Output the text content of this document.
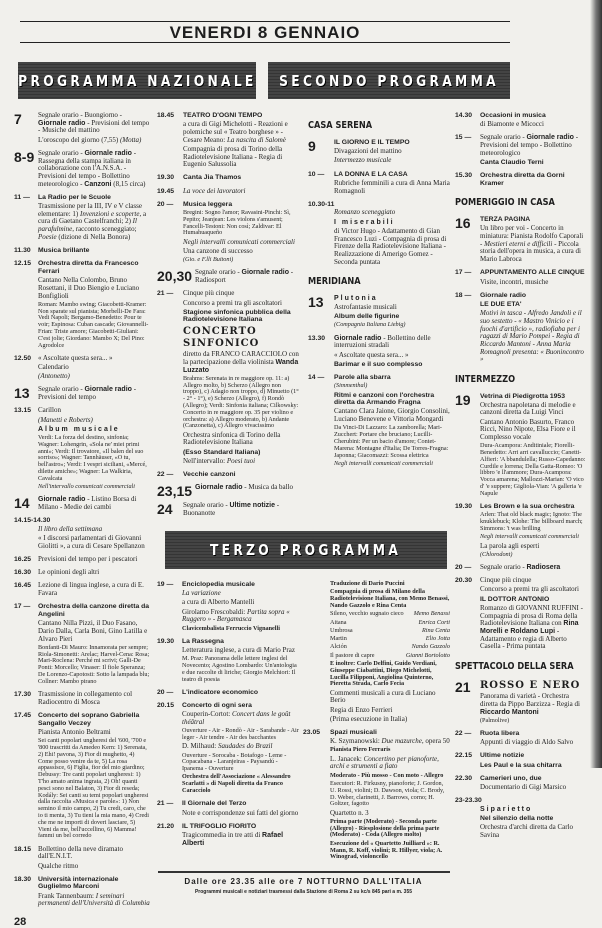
VENERDI 8 GENNAIO
PROGRAMMA NAZIONALE SECONDO PROGRAMMA
7	Segnale orario - Buongiorno - Giornale radio - Previsioni del tempo - Musiche del mattino
L'oroscopo del giorno (7,55) (Motta)
8-9 Segnale orario - Giornale radio - Rassegna della stampa italiana in collaborazione con l'A.N.S.A. - Previsioni del tempo - Bollettino meteorologico - Canzoni (8,15 circa)
11 —	La Radio per le Scuole
Trasmissione per la III, IV e V classe elementare: 1) Invenzioni e scoperte, a cura di Gaetano Castelfranchi; 2) Il parafulmine, racconto sceneggiato; Poesie (dizione di Nella Bonora)
11.30	Musica brillante
12.15	Orchestra diretta da Francesco Ferrari
Cantano Nella Colombo, Bruno Rosettani, il Duo Biengio e Luciano Bonfiglioli
Roman: Mambo swing; Giacobetti-Kramer: Non sparate sul pianista; Morbelli-De Fara: Vedi Napoli; Bergamo-Benedetto: Pour te voir; Espinosa: Cuban cascade; Giovannelli-Frian: Triste amore; Giacobetti-Giuliani: C'est jolie; Giordano: Mambo X; Del Pino: Agrodolce
12.50 « Ascoltate questa sera... »
Calendario
(Antonetto)
13	Segnale orario - Giornale radio - Previsioni del tempo
13.15 Carillon
(Manetti e Roberts)
Album musicale
Verdi: La forza del destino, sinfonia; Wagner: Lohengrin, «Sola ne' miei primi anni»; Verdi: Il trovatore, «Il balen del suo sorriso»; Wagner: Tannhäuser, «O tu, bell'astro»; Verdi: I vespri siciliani, «Mercé, dilette amiche»; Wagner: La Walkiria, Cavalcata
Nell'intervallo comunicati commerciali
14	Giornale radio - Listino Borsa di Milano - Medie dei cambi
14.15-14.30
Il libro della settimana
« I discorsi parlamentari di Giovanni Giolitti », a cura di Cesare Spellanzon
16.25 Previsioni del tempo per i pescatori
16.30 Le opinioni degli altri
16.45 Lezione di lingua inglese, a cura di E. Favara
17 —	Orchestra della canzone diretta da Angelini
Cantano Nilla Pizzi, il Duo Fasano, Dario Dalla, Carla Boni, Gino Latilla e Alvaro Pieri
Bonfanti-Di Mauro: Innamorata per sempre; Riola-Simonetti: Arelac; Harvel-Cena: Rosa; Mari-Roclena: Perché mi scrivi; Galli-De Ponti: Morcello; Vinaser: Il fiole Speranza; De Lorenzo-Capotosti: Sotto la lampada blu; Collner: Mambo pirano
17.30 Trasmissione in collegamento col Radiocentro di Mosca
17.45	Concerto del soprano Gabriella Sangallo Veczey
Pianista Antonio Beltrami
Sei canti popolari ungheresi del '600, '700 e '800 trascritti da Amedeo Kern: 1) Serenata, 2) Ehi! pavona, 3) Fior di mughetto, 4) Come posso venire da te, 5) La rosa appassisce, 6) Figlia, fior del mio giardino; Debussy: Tre canti popolari ungheresi: 1) T'ho amato anima ingrata, 2) Oh! quanti pesci sono nel Balaton, 3) Fior di reseda; Kodály: Sei canti su temi popolari ungheresi dalla raccolta «Musica e parole»: 1) Non semino il mio campo, 2) Tu credi, caro, che io ti menta, 3) Tu tieni la mia mano, 4) Credi che me ne importi di doveri lasciare, 5) Vieni da me, bell'uccellino, 6) Mamma! fammi un bel corredo
18.15 Bollettino della neve diramato dall'E.N.I.T.
Qualche ritmo
18.30	Università internazionale Guglielmo Marconi
Frank Tannenbaum: I seminari permanenti dell'Università di Columbia
28
18.45	TEATRO D'OGNI TEMPO
a cura di Gigi Michelotti - Reazioni e polemiche sul « Teatro borghese » - Cesare Meano: La nascita di Salomè
Compagnia di prosa di Torino della Radiotelevisione Italiana - Regia di Eugenio Salussolia
19.30	Canta Jia Thamos
19.45	La voce dei lavoratori
20 —	Musica leggera
Bregini: Sogno l'amor; Ravasini-Pinchi: Sì, Pepito; Jeanjean: Les violons s'amusent; Fancelli-Testoni: Non così; Zaldivar: El Humahuaqueño
Negli intervalli comunicati commerciali
Una canzone di successo
(Gio. e F.lli Buitoni)
20,30 Segnale orario - Giornale radio - Radiosport
21 —	Cinque più cinque
Concorso a premi tra gli ascoltatori
Stagione sinfonica pubblica della Radiotelevisione Italiana
CONCERTO SINFONICO
diretto da FRANCO CARACCIOLO con la partecipazione della violinista Wanda Luzzato
Brahms: Serenata in re maggiore op. 11: a) Allegro molto, b) Scherzo (Allegro non troppo), c) Adagio non troppo, d) Minuetto (1° - 2° - 1°), e) Scherzo (Allegro), f) Rondò (Allegro); Verdi: Sinfonia italiana; Cilkowsky: Concerto in re maggiore op. 35 per violino e orchestra: a) Allegro moderato, b) Andante (Canzonetta), c) Allegro vivacissimo
Orchestra sinfonica di Torino della Radiotelevisione Italiana
(Esso Standard Italiana)
Nell'intervallo: Poesi tuoi
22 —	Vecchie canzoni
23,15 Giornale radio - Musica da ballo
24	Segnale orario - Ultime notizie - Buonanotte
CASA SERENA
9	IL GIORNO E IL TEMPO
Divagazioni del mattino
Intermezzo musicale
10 —	LA DONNA E LA CASA
Rubriche femminili a cura di Anna Maria Romagnoli
10.30-11
Romanzo sceneggiato
I miserabili
di Victor Hugo - Adattamento di Gian Francesco Luzi - Compagnia di prosa di Firenze della Radiotelevisione Italiana - Realizzazione di Amerigo Gomez - Seconda puntata
MERIDIANA
13	Plutonia
Astrofantasie musicali
Album delle figurine
(Compagnia Italiana Liebig)
13.30	Giornale radio - Bollettino delle interruzioni stradali
« Ascoltate questa sera... »
Barimar e il suo complesso
14 —	Parole alla sbarra
(Simmenthal)
Ritmi e canzoni con l'orchestra diretta da Armando Fragna
Cantano Clara Jaione, Giorgio Consolini, Luciano Benevene e Vittoria Mongardi
Da Vinci-Di Lazzaro: La zamborella; Mari-Zucchert: Portare che bruciano; Lucilli-Cherubini: Per un bacio d'amore; Contet-Marena: Montagne d'Italia; De Torres-Fragna: Japonna; Giacomazzi: Scossa elettrica
Negli intervalli comunicati commerciali
TERZO PROGRAMMA
19 —	Enciclopedia musicale
La variazione
a cura di Alberto Mantelli
Girolamo Frescobaldi: Partita sopra « Ruggero » - Bergamasca
Clavicembalista Ferruccio Vignanelli
19.30	La Rassegna
Letteratura inglese, a cura di Mario Praz
M. Praz: Panorama delle lettere inglesi del Novecento; Agostino Lombardo: Un'antologia e due raccolte di liriche; Giorgio Melchiori: Il teatro di poesia
20 —	L'indicatore economico
20.15	Concerto di ogni sera
Couperin-Cortot: Concert dans le goût théâtral
Ouverture - Air - Rondò - Air - Sarabande - Air leger - Air tendre - Air des bacchantes
D. Milhaud: Saudades do Brazil
Ouverture - Sorocaba - Botafogo - Leme - Copacabana - Laranjeiras - Paysandú - Ipanema - Ouverture
Orchestra dell'Associazione « Alessandro Scarlatti » di Napoli diretta da Franco Caracciolo
21 —	Il Giornale del Terzo
Note e corrispondenze sui fatti del giorno
21.20	IL TRIFOGLIO FIORITO
Tragicommedia in tre atti di Rafael Alberti
Traduzione di Dario Puccini
Compagnia di prosa di Milano della Radiotelevisione Italiana, con Memo Benassi, Nando Gazzolo e Rina Centa
Sileno, vecchio sugnaio cieco Memo Benassi
Aitana	Enrica Corti
Umbrosa	Rina Centa
Martin	Elio Jotta
Alción	Nando Gazzolo
Il pastore di capre	Gianni Bortolotto
E inoltre: Carlo Delfini, Guido Verdiani, Giuseppe Ciabattini, Diego Michelotti, Lucilla Filipponi, Angiolina Quinterno, Pieretta Strada, Carlo Fecia
Commenti musicali a cura di Luciano Berio
Regia di Enzo Ferrieri
(Prima esecuzione in Italia)
23.05	Spazi musicali
K. Szymanowski: Due mazurche, opera 50
Pianista Piero Ferraris
L. Janacek: Concertino per pianoforte, archi e strumenti a fiato
Moderato - Più mosso - Con moto - Allegro
Esecutori: R. Firkusny, pianoforte; J. Gordon, U. Rossi, violini; D. Dawson, viola; C. Brody, D. Weber, clarinetti, J. Barrows, corno; H. Goltzer, fagotto
Quartetto n. 3
Prima parte (Moderato) - Seconda parte (Allegro) - Riesplosione della prima parte (Moderato) - Coda (Allegro molto)
Esecuzione del « Quartetto Juilliard »: R. Mann, R. Koff, violini; R. Hillyer, viola; A. Winograd, violoncello
Dalle ore 23.35 alle ore 7 NOTTURNO DALL'ITALIA
Programmi musicali e notiziari trasmessi dalla Stazione di Roma 2 su kc/s 845 pari a m. 355
14.30	Occasioni in musica
di Biamonte e Micocci
15 —	Segnale orario - Giornale radio - Previsioni del tempo - Bollettino meteorologico
Canta Claudio Terni
15.30	Orchestra diretta da Gorni Kramer
POMERIGGIO IN CASA
16	TERZA PAGINA
Un libro per voi - Concerto in miniatura: Pianista Rodolfo Caporali - Mestieri eterni e difficili - Piccola storia dell'opera in musica, a cura di Mario Labroca
17 —	APPUNTAMENTO ALLE CINQUE
Visite, incontri, musiche
18 —	Giornale radio
LE DUE ETA'
Motivi in tasca - Alfredo Jandoli e il suo sestetto - « Mastro Vinicio e i fuochi d'artificio », radiofiaba per i ragazzi di Mario Pompei - Regia di Riccardo Mantoni - Anna Maria Romagnoli presenta: « Buonincontro »
INTERMEZZO
19	Vetrina di Piedigrotta 1953
Orchestra napoletana di melodie e canzoni diretta da Luigi Vinci
Cantano Antonio Basurto, Franco Ricci, Nino Nipote, Elsa Fiore e il Complesso vocale
Dura-Acampora: Anditiniale; Fiorelli-Benedetto: Arri arri cavalluccio; Canetti-Alfieri: 'A bbandulella; Russo-Capedanno: Curdile e lorrena; Della Gatta-Romeo: 'O libbro 'e ll'ammore; Dura-Acampora: Vocca amarena; Mallozzi-Marian: 'O vico d' 'e suppere; Gigliola-Vian: 'A galleria 'e Napule
19.30	Les Brown e la sua orchestra
Arlen: That old black magic; Ignoto: The knuklebuck; Klohe: The billboard march; Simmons: 't was brilling
Negli intervalli comunicati commerciali
La parola agli esperti
(Chlorodont)
20 —	Segnale orario - Radiosera
20.30	Cinque più cinque
Concorso a premi tra gli ascoltatori
IL DOTTOR ANTONIO
Romanzo di GIOVANNI RUFFINI - Compagnia di prosa di Roma della Radiotelevisione Italiana con Rina Morelli e Roldano Lupi - Adattamento e regia di Alberto Casella - Prima puntata
SPETTACOLO DELLA SERA
21 ROSSO E NERO
Panorama di varietà - Orchestra diretta da Pippo Barzizza - Regia di Riccardo Mantoni
(Palmolive)
22 —	Ruota libera
Appunti di viaggio di Aldo Salvo
22.15	Ultime notizie
Les Paul e la sua chitarra
22.30	Camerieri uno, due
Documentario di Gigi Marsico
23-23.30
Siparietto
Nel silenzio della notte
Orchestra d'archi diretta da Carlo Savina
